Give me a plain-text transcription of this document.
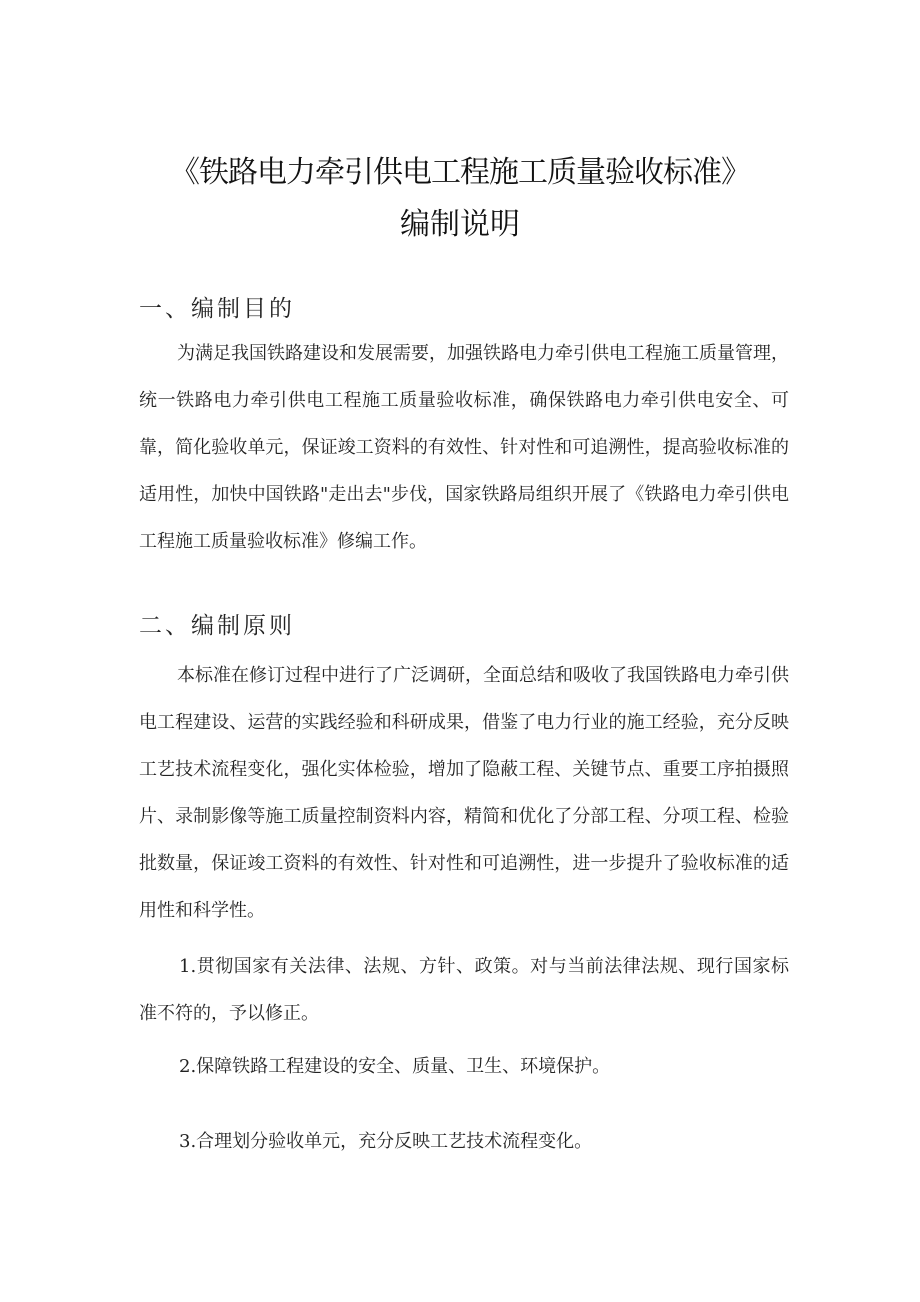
《铁路电力牵引供电工程施工质量验收标准》
编制说明
一、编制目的

为满足我国铁路建设和发展需要，加强铁路电力牵引供电工程施工质量管理，统一铁路电力牵引供电工程施工质量验收标准，确保铁路电力牵引供电安全、可靠，简化验收单元，保证竣工资料的有效性、针对性和可追溯性，提高验收标准的适用性，加快中国铁路"走出去"步伐，国家铁路局组织开展了《铁路电力牵引供电工程施工质量验收标准》修编工作。

二、编制原则

本标准在修订过程中进行了广泛调研，全面总结和吸收了我国铁路电力牵引供电工程建设、运营的实践经验和科研成果，借鉴了电力行业的施工经验，充分反映工艺技术流程变化，强化实体检验，增加了隐蔽工程、关键节点、重要工序拍摄照片、录制影像等施工质量控制资料内容，精简和优化了分部工程、分项工程、检验批数量，保证竣工资料的有效性、针对性和可追溯性，进一步提升了验收标准的适用性和科学性。

1.贯彻国家有关法律、法规、方针、政策。对与当前法律法规、现行国家标准不符的，予以修正。

2.保障铁路工程建设的安全、质量、卫生、环境保护。

3.合理划分验收单元，充分反映工艺技术流程变化。
